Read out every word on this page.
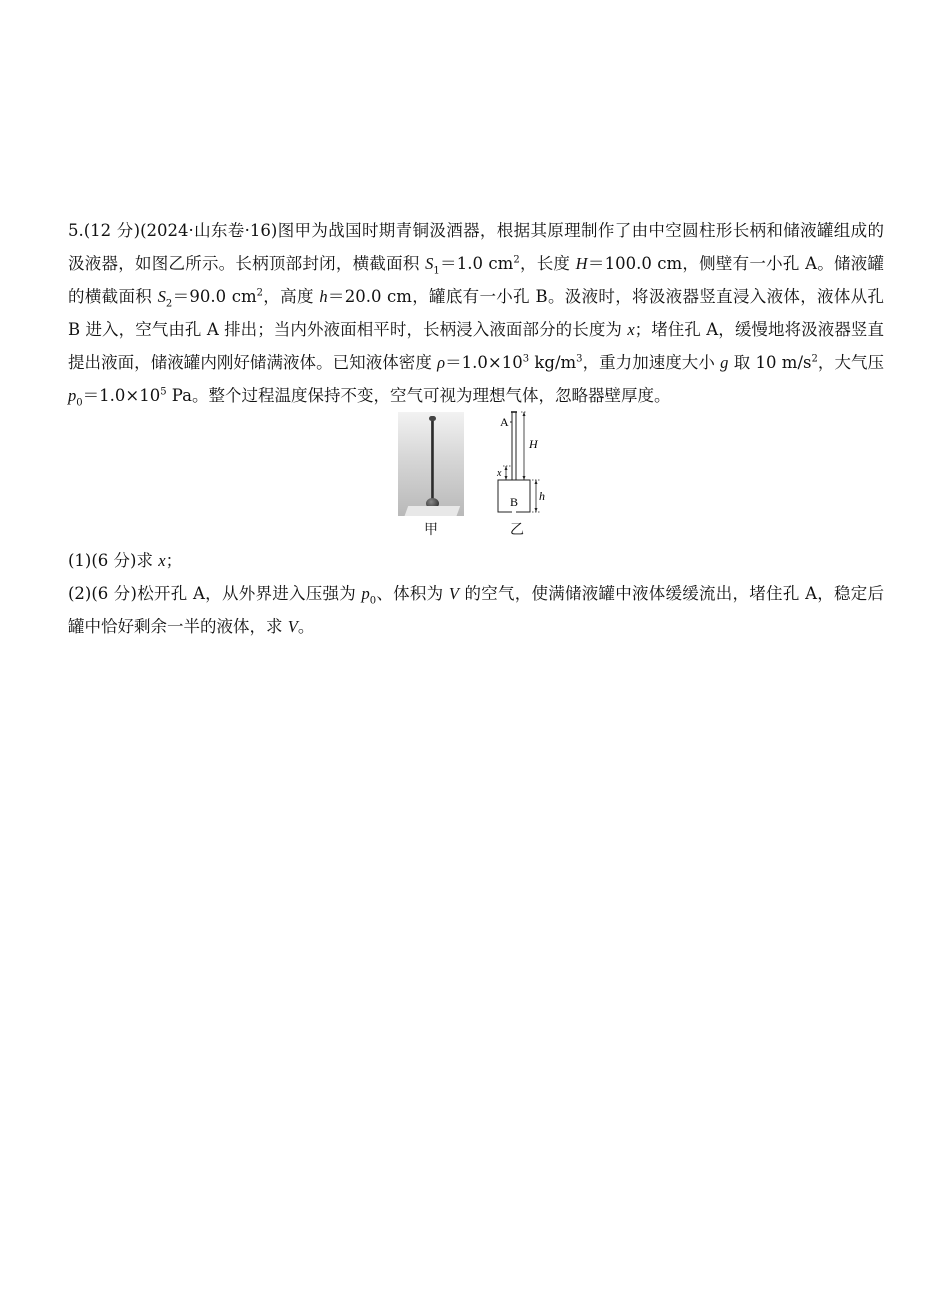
5.(12 分)(2024·山东卷·16)图甲为战国时期青铜汲酒器，根据其原理制作了由中空圆柱形长柄和储液罐组成的汲液器，如图乙所示。长柄顶部封闭，横截面积 $S_1=1.0$ $cm^2$，长度 H＝100.0 cm，侧壁有一小孔 A。储液罐的横截面积 $S_2=90.0$ $cm^2$，高度 h＝20.0 cm，罐底有一小孔 B。汲液时，将汲液器竖直浸入液体，液体从孔 B 进入，空气由孔 A 排出；当内外液面相平时，长柄浸入液面部分的长度为 x；堵住孔 A，缓慢地将汲液器竖直提出液面，储液罐内刚好储满液体。已知液体密度 $\rho=1.0\times 10^3$ $kg/m^3$，重力加速度大小 g 取 10 $m/s^2$，大气压 $p_0=1.0\times 10^5$ Pa。整个过程温度保持不变，空气可视为理想气体，忽略器壁厚度。

甲
A
H
x
B h
乙

(1)(6 分)求 x；

(2)(6 分)松开孔 A，从外界进入压强为 $p_0$、体积为 V 的空气，使满储液罐中液体缓缓流出，堵住孔 A，稳定后罐中恰好剩余一半的液体，求 V。
